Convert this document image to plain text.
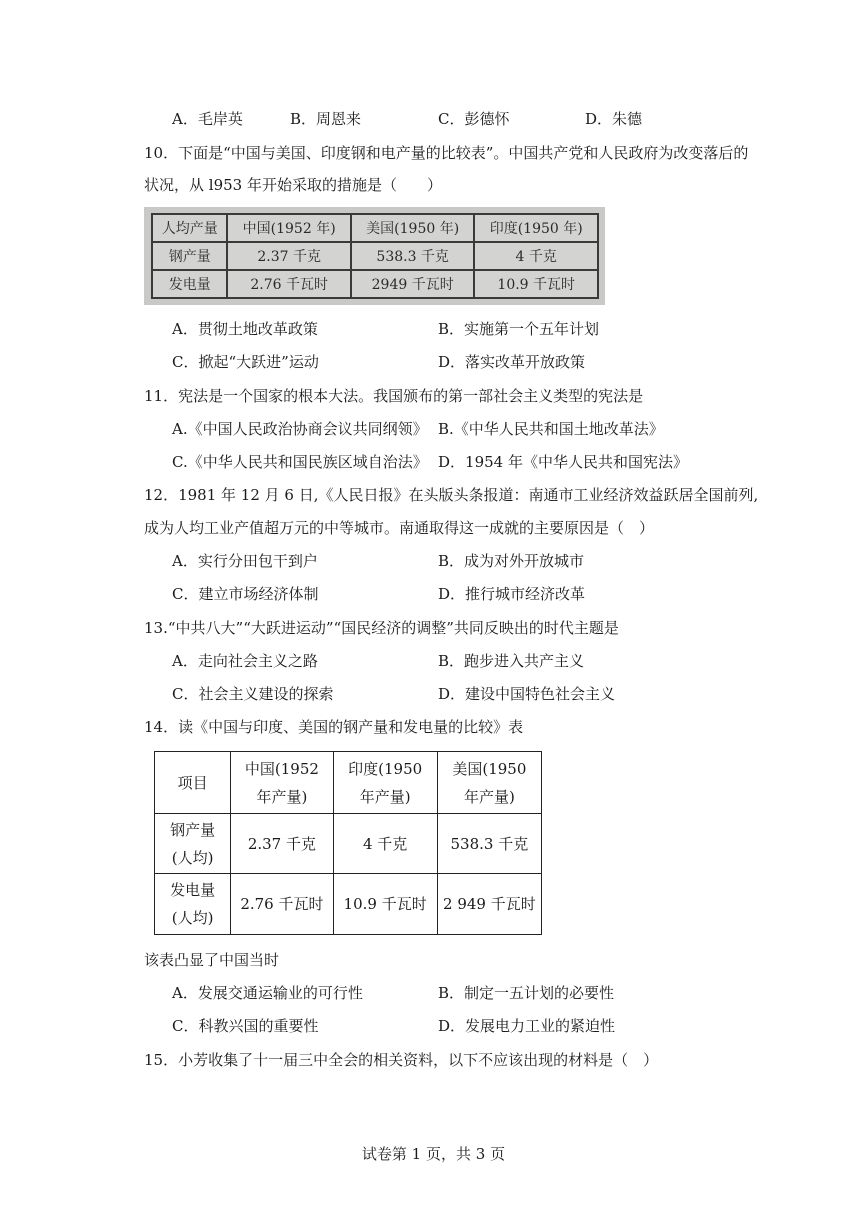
A．毛岸英	B．周恩来	C．彭德怀	D．朱德
10．下面是“中国与美国、印度钢和电产量的比较表”。中国共产党和人民政府为改变落后的
状况，从 l953 年开始采取的措施是（　　）
人均产量	中国(1952 年)	美国(1950 年)	印度(1950 年)
钢产量	2.37 千克	538.3 千克	4 千克
发电量	2.76 千瓦时	2949 千瓦时	10.9 千瓦时
A．贯彻土地改革政策	B．实施第一个五年计划
C．掀起“大跃进”运动	D．落实改革开放政策
11．宪法是一个国家的根本大法。我国颁布的第一部社会主义类型的宪法是
A.《中国人民政治协商会议共同纲领》 B.《中华人民共和国土地改革法》
C.《中华人民共和国民族区域自治法》 D．1954 年《中华人民共和国宪法》
12．1981 年 12 月 6 日,《人民日报》在头版头条报道：南通市工业经济效益跃居全国前列,
成为人均工业产值超万元的中等城市。南通取得这一成就的主要原因是（　）
A．实行分田包干到户	B．成为对外开放城市
C．建立市场经济体制	D．推行城市经济改革
13.“中共八大”“大跃进运动”“国民经济的调整”共同反映出的时代主题是
A．走向社会主义之路	B．跑步进入共产主义
C．社会主义建设的探索	D．建设中国特色社会主义
14．读《中国与印度、美国的钢产量和发电量的比较》表
项目	中国(1952
年产量)	印度(1950
年产量)	美国(1950
年产量)
钢产量
(人均)	2.37 千克	4 千克	538.3 千克
发电量
(人均)	2.76 千瓦时	10.9 千瓦时	2 949 千瓦时
该表凸显了中国当时
A．发展交通运输业的可行性	B．制定一五计划的必要性
C．科教兴国的重要性	D．发展电力工业的紧迫性
15．小芳收集了十一届三中全会的相关资料，以下不应该出现的材料是（　）
试卷第 1 页，共 3 页
